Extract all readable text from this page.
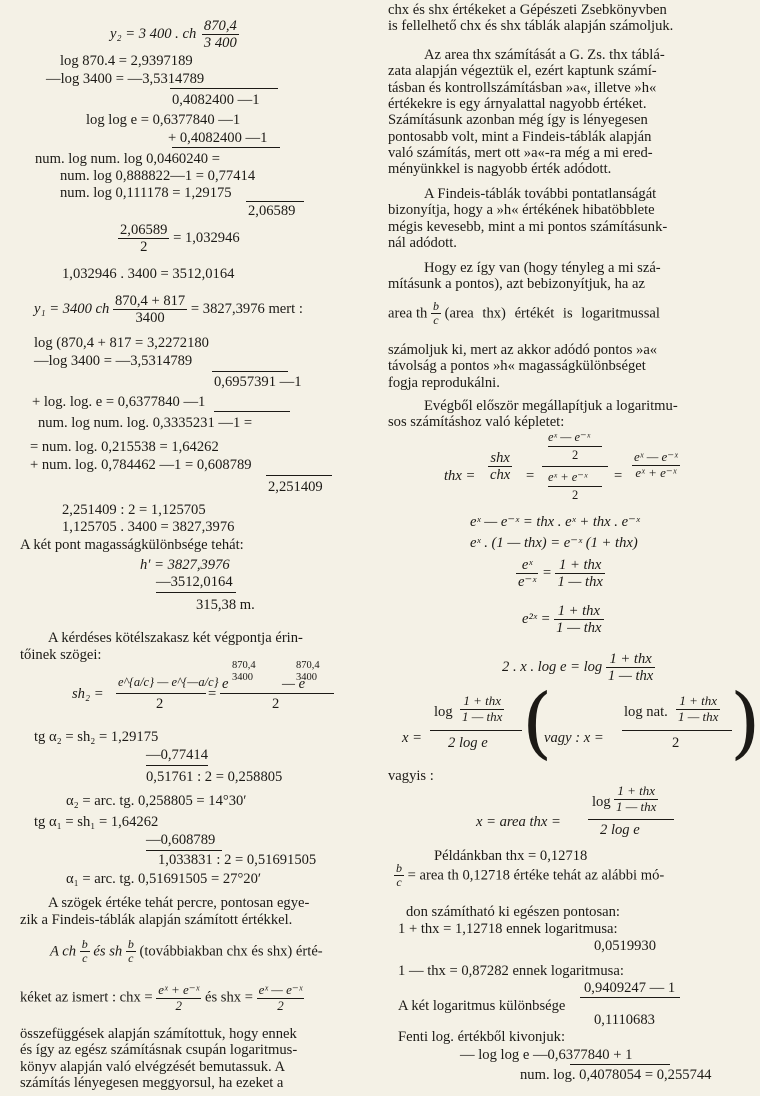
y₂ = 3 400 . ch $\frac{870,4}{3 400}$
log 870.4 = 2,9397189
—log 3400 = —3,5314789
0,4082400 —1
log log e = 0,6377840 —1
+ 0,4082400 —1
num. log num. log 0,0460240 =
num. log 0,888822—1 = 0,77414
num. log 0,111178 = 1,29175
2,06589
$\frac{2,06589}{2} = 1,032946$
1,032946 . 3400 = 3512,0164
y₁ = 3400 ch $\frac{870,4 + 817}{3400} = 3827,3976$ mert :
log (870,4 + 817 = 3,2272180
—log 3400 = —3,5314789
0,6957391 —1
+ log. log. e = 0,6377840 —1
num. log num. log. 0,3335231 —1 =
= num. log. 0,215538 = 1,64262
+ num. log. 0,784462 —1 = 0,608789
2,251409
2,251409 : 2 = 1,125705
1,125705 . 3400 = 3827,3976
A két pont magasságkülönbsége tehát:
h′ = 3827,3976
—3512,0164
315,38 m.
A kérdéses kötélszakasz két végpontja érin-
tőinek szögei:
sh₂ =
e^{a/c} — e^{—a/c}
2
=
870,4
3400
870,4
3400
e	— e
2
tg α₂ = sh₂ = 1,29175
—0,77414
0,51761 : 2 = 0,258805
α₂ = arc. tg. 0,258805 = 14°30′
tg α₁ = sh₁ = 1,64262
—0,608789
1,033831 : 2 = 0,51691505
α₁ = arc. tg. 0,51691505 = 27°20′
A szögek értéke tehát percre, pontosan egye-
zik a Findeis-táblák alapján számított értékkel.
A ch $\frac{b}{c}$ és sh $\frac{b}{c}$ (továbbiakban chx és shx) érté-
kéket az ismert : chx = $\frac{\text{eˣ + e⁻ˣ}}{2}$ és shx = $\frac{\text{eˣ — e⁻ˣ}}{2}$
összefüggések alapján számítottuk, hogy ennek
és így az egész számításnak csupán logaritmus-
könyv alapján való elvégzését bemutassuk. A
számítás lényegesen meggyorsul, ha ezeket a
chx és shx értékeket a Gépészeti Zsebkönyvben
is fellelhető chx és shx táblák alapján számoljuk.
Az area thx számítását a G. Zs. thx táblá-
zata alapján végeztük el, ezért kaptunk számí-
tásban és kontrollszámításban »a«, illetve »h«
értékekre is egy árnyalattal nagyobb értéket.
Számításunk azonban még így is lényegesen
pontosabb volt, mint a Findeis-táblák alapján
való számítás, mert ott »a«-ra még a mi ered-
ményünkkel is nagyobb érték adódott.
A Findeis-táblák további pontatlanságát
bizonyítja, hogy a »h« értékének hibatöbblete
mégis kevesebb, mint a mi pontos számításunk-
nál adódott.
Hogy ez így van (hogy tényleg a mi szá-
mításunk a pontos), azt bebizonyítjuk, ha az
area th $\frac{b}{c}$ (area thx) értékét is logaritmussal
számoljuk ki, mert az akkor adódó pontos »a«
távolság a pontos »h« magasságkülönbséget
fogja reprodukálni.
Evégből először megállapítjuk a logaritmu-
sos számításhoz való képletet:
thx =
shx
chx =
eˣ — e⁻ˣ
2
eˣ + e⁻ˣ
2
= $\frac{\text{eˣ — e⁻ˣ}}{\text{eˣ + e⁻ˣ}}$
eˣ — e⁻ˣ = thx . eˣ + thx . e⁻ˣ
eˣ . (1 — thx) = e⁻ˣ (1 + thx)
$\frac{\text{eˣ}}{\text{e⁻ˣ}}$ =
1 + thx
1 — thx
e²ˣ =
1 + thx
1 — thx
2 . x . log e = log
1 + thx
1 — thx
x =
log
1 + thx
1 — thx
2 log e (
vagy : x =
log nat.
1 + thx
1 — thx
2 )
vagyis :
x = area thx =
log
1 + thx
1 — thx
2 log e
Példánkban thx = 0,12718
$\frac{b}{c}$ = area th 0,12718 értéke tehát az alábbi mó-
don számítható ki egészen pontosan:
1 + thx = 1,12718 ennek logaritmusa:
0,0519930
1 — thx = 0,87282 ennek logaritmusa:
0,9409247 — 1
A két logaritmus különbsége
0,1110683
Fenti log. értékből kivonjuk:
— log log e —0,6377840 + 1
num. log. 0,4078054 = 0,255744
